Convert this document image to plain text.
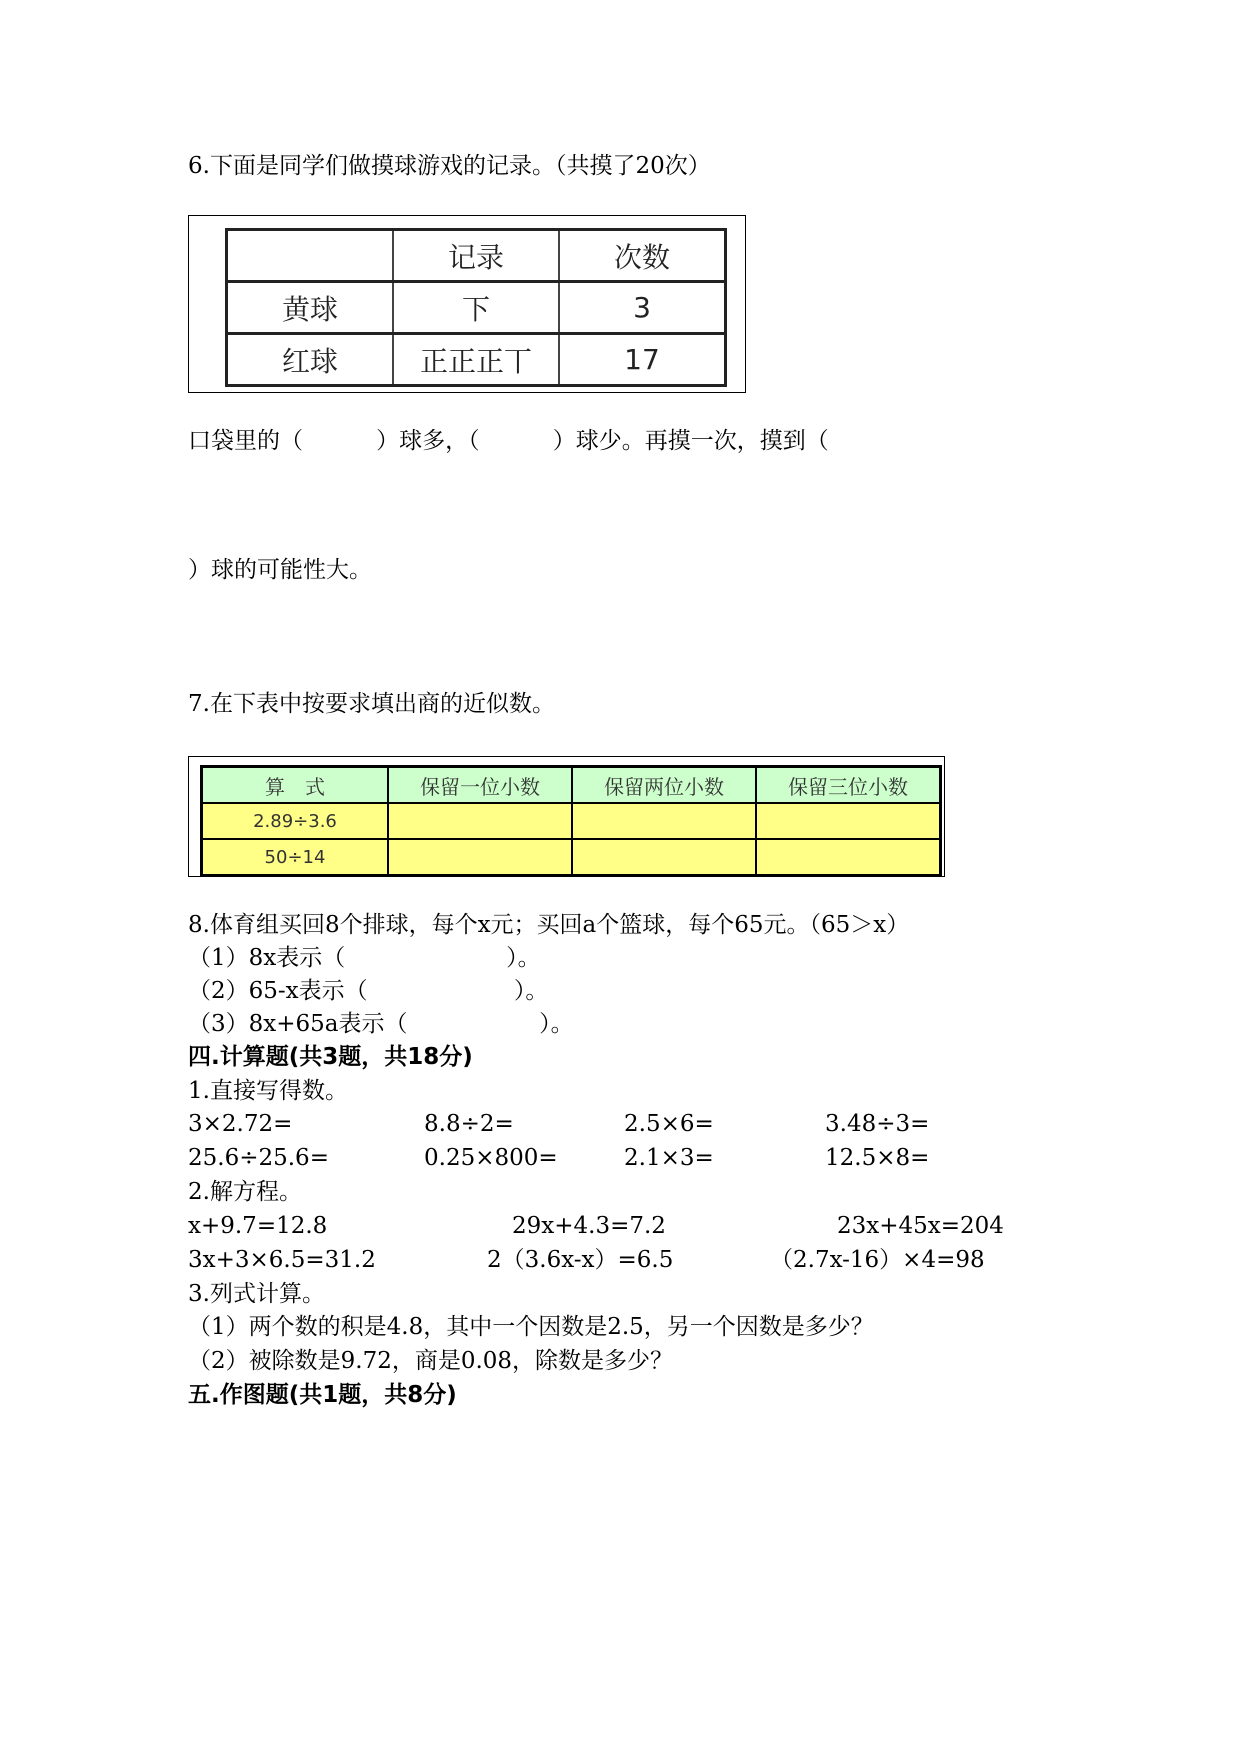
6.下面是同学们做摸球游戏的记录。（共摸了20次）
	记录	次数
黄球	下	3
红球	正正正丅	17
口袋里的（          ）球多，（          ）球少。再摸一次，摸到（
）球的可能性大。
7.在下表中按要求填出商的近似数。
算　式	保留一位小数	保留两位小数	保留三位小数
2.89÷3.6			
50÷14			
8.体育组买回8个排球，每个x元；买回a个篮球，每个65元。（65＞x）
（1）8x表示（                      ）。
（2）65-x表示（                    ）。
（3）8x+65a表示（                  ）。
四.计算题(共3题，共18分)
1.直接写得数。
3×2.72=	8.8÷2=	2.5×6=	3.48÷3=
25.6÷25.6=	0.25×800=	2.1×3=	12.5×8=
2.解方程。
x+9.7=12.8	29x+4.3=7.2	23x+45x=204
3x+3×6.5=31.2	2（3.6x-x）=6.5	（2.7x-16）×4=98
3.列式计算。
（1）两个数的积是4.8，其中一个因数是2.5，另一个因数是多少？
（2）被除数是9.72，商是0.08，除数是多少？
五.作图题(共1题，共8分)
